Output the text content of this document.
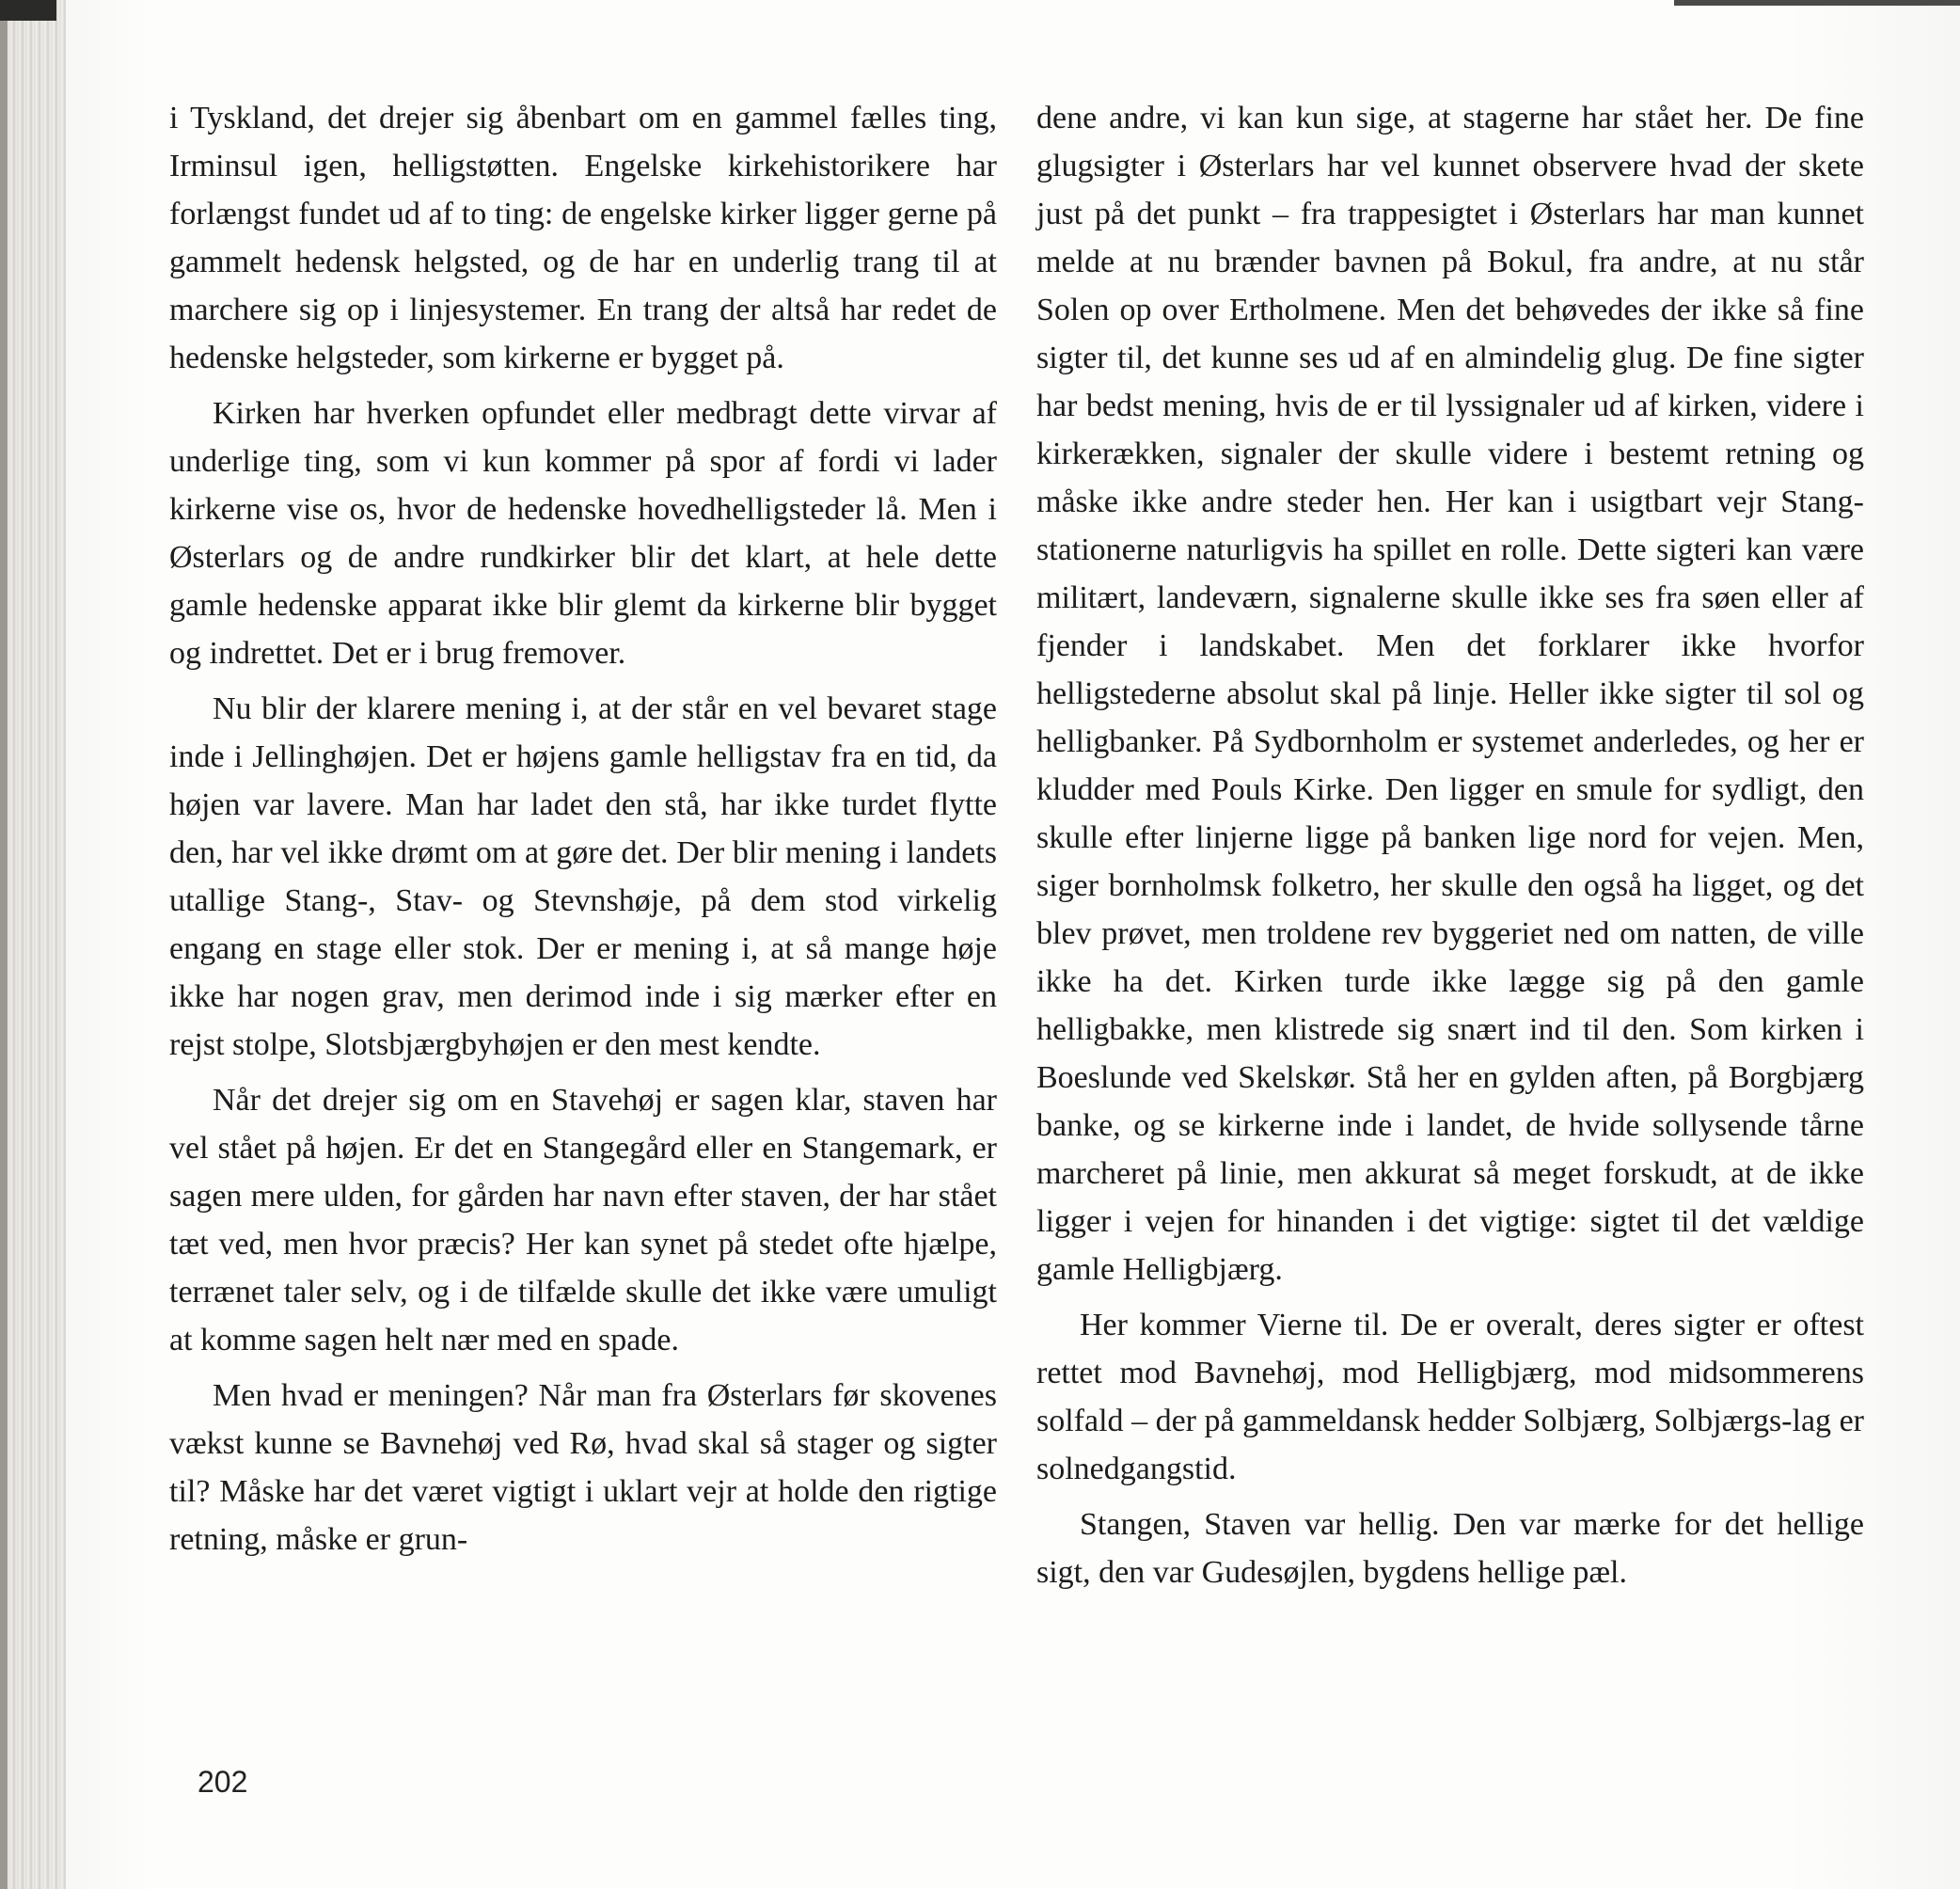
i Tyskland, det drejer sig åbenbart om en gammel fælles ting, Irminsul igen, helligstøtten. Engelske kirkehistorikere har forlængst fundet ud af to ting: de engelske kirker ligger gerne på gammelt hedensk helgsted, og de har en underlig trang til at marchere sig op i linjesystemer. En trang der altså har redet de hedenske helgsteder, som kirkerne er bygget på.

Kirken har hverken opfundet eller medbragt dette virvar af underlige ting, som vi kun kommer på spor af fordi vi lader kirkerne vise os, hvor de hedenske hovedhelligsteder lå. Men i Østerlars og de andre rundkirker blir det klart, at hele dette gamle hedenske apparat ikke blir glemt da kirkerne blir bygget og indrettet. Det er i brug fremover.

Nu blir der klarere mening i, at der står en vel bevaret stage inde i Jellinghøjen. Det er højens gamle helligstav fra en tid, da højen var lavere. Man har ladet den stå, har ikke turdet flytte den, har vel ikke drømt om at gøre det. Der blir mening i landets utallige Stang-, Stav- og Stevnshøje, på dem stod virkelig engang en stage eller stok. Der er mening i, at så mange høje ikke har nogen grav, men derimod inde i sig mærker efter en rejst stolpe, Slotsbjærgbyhøjen er den mest kendte.

Når det drejer sig om en Stavehøj er sagen klar, staven har vel stået på højen. Er det en Stangegård eller en Stangemark, er sagen mere ulden, for gården har navn efter staven, der har stået tæt ved, men hvor præcis? Her kan synet på stedet ofte hjælpe, terrænet taler selv, og i de tilfælde skulle det ikke være umuligt at komme sagen helt nær med en spade.

Men hvad er meningen? Når man fra Østerlars før skovenes vækst kunne se Bavnehøj ved Rø, hvad skal så stager og sigter til? Måske har det været vigtigt i uklart vejr at holde den rigtige retning, måske er grun-

dene andre, vi kan kun sige, at stagerne har stået her. De fine glugsigter i Østerlars har vel kunnet observere hvad der skete just på det punkt – fra trappesigtet i Østerlars har man kunnet melde at nu brænder bavnen på Bokul, fra andre, at nu står Solen op over Ertholmene. Men det behøvedes der ikke så fine sigter til, det kunne ses ud af en almindelig glug. De fine sigter har bedst mening, hvis de er til lyssignaler ud af kirken, videre i kirkerækken, signaler der skulle videre i bestemt retning og måske ikke andre steder hen. Her kan i usigtbart vejr Stang-stationerne naturligvis ha spillet en rolle. Dette sigteri kan være militært, landeværn, signalerne skulle ikke ses fra søen eller af fjender i landskabet. Men det forklarer ikke hvorfor helligstederne absolut skal på linje. Heller ikke sigter til sol og helligbanker. På Sydbornholm er systemet anderledes, og her er kludder med Pouls Kirke. Den ligger en smule for sydligt, den skulle efter linjerne ligge på banken lige nord for vejen. Men, siger bornholmsk folketro, her skulle den også ha ligget, og det blev prøvet, men troldene rev byggeriet ned om natten, de ville ikke ha det. Kirken turde ikke lægge sig på den gamle helligbakke, men klistrede sig snært ind til den. Som kirken i Boeslunde ved Skelskør. Stå her en gylden aften, på Borgbjærg banke, og se kirkerne inde i landet, de hvide sollysende tårne marcheret på linie, men akkurat så meget forskudt, at de ikke ligger i vejen for hinanden i det vigtige: sigtet til det vældige gamle Helligbjærg.

Her kommer Vierne til. De er overalt, deres sigter er oftest rettet mod Bavnehøj, mod Helligbjærg, mod midsommerens solfald – der på gammeldansk hedder Solbjærg, Solbjærgs-lag er solnedgangstid.

Stangen, Staven var hellig. Den var mærke for det hellige sigt, den var Gudesøjlen, bygdens hellige pæl.

202
